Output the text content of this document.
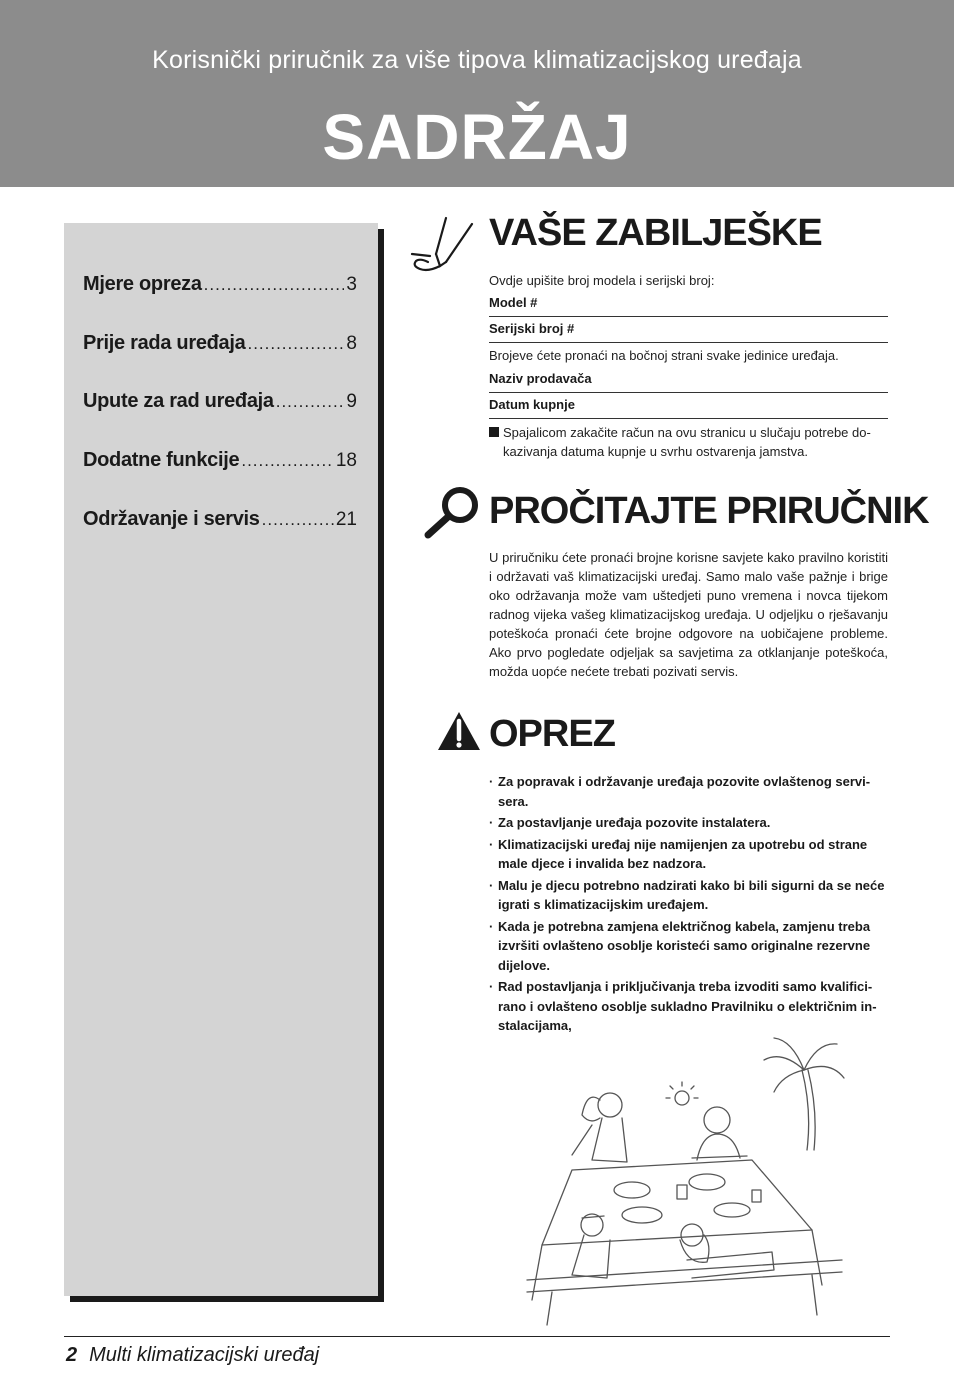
Korisnički priručnik za više tipova klimatizacijskog uređaja
SADRŽAJ
Mjere opreza .....	3
Prije rada uređaja .....	8
Upute za rad uređaja .....	9
Dodatne funkcije .....	18
Održavanje i servis .....	21
VAŠE ZABILJEŠKE
Ovdje upišite broj modela i serijski broj:
Model #
Serijski broj #
Brojeve ćete pronaći na bočnoj strani svake jedinice uređaja.
Naziv prodavača
Datum kupnje
Spajalicom zakačite račun na ovu stranicu u slučaju potrebe do-kazivanja datuma kupnje u svrhu ostvarenja jamstva.
PROČITAJTE PRIRUČNIK
U priručniku ćete pronaći brojne korisne savjete kako pravilno koristiti i održavati vaš klimatizacijski uređaj. Samo malo vaše pažnje i brige oko održavanja može vam uštedjeti puno vremena i novca tijekom radnog vijeka vašeg klimatizacijskog uređaja. U odjeljku o rješavanju poteškoća pronaći ćete brojne odgovore na uobičajene probleme. Ako prvo pogledate odjeljak sa savjetima za otklanjanje poteškoća, možda uopće nećete trebati pozivati servis.
OPREZ
· Za popravak i održavanje uređaja pozovite ovlaštenog servi-sera.
· Za postavljanje uređaja pozovite instalatera.
· Klimatizacijski uređaj nije namijenjen za upotrebu od strane male djece i invalida bez nadzora.
· Malu je djecu potrebno nadzirati kako bi bili sigurni da se neće igrati s klimatizacijskim uređajem.
· Kada je potrebna zamjena električnog kabela, zamjenu treba izvršiti ovlašteno osoblje koristeći samo originalne rezervne dijelove.
· Rad postavljanja i priključivanja treba izvoditi samo kvalifici-rano i ovlašteno osoblje sukladno Pravilniku o električnim in-stalacijama,
2 Multi klimatizacijski uređaj
